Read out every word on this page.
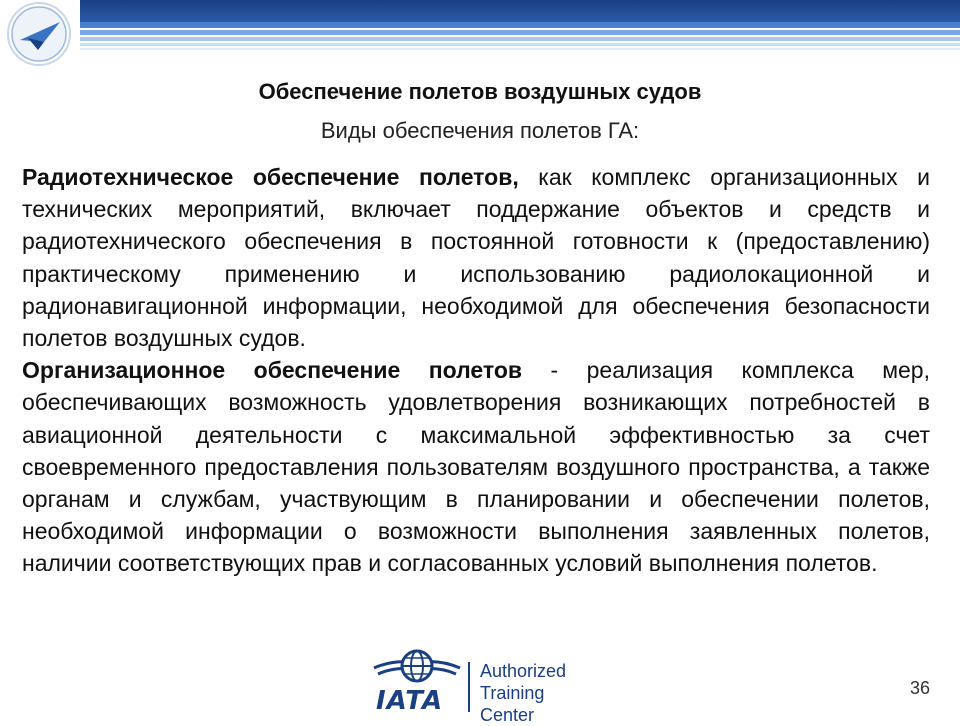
Обеспечение полетов воздушных судов
Виды обеспечения полетов ГА:

Радиотехническое обеспечение полетов, как комплекс организационных и технических мероприятий, включает поддержание объектов и средств и радиотехнического обеспечения в постоянной готовности к (предоставлению) практическому применению и использованию радиолокационной и радионавигационной информации, необходимой для обеспечения безопасности полетов воздушных судов.

Организационное обеспечение полетов - реализация комплекса мер, обеспечивающих возможность удовлетворения возникающих потребностей в авиационной деятельности с максимальной эффективностью за счет своевременного предоставления пользователям воздушного пространства, а также органам и службам, участвующим в планировании и обеспечении полетов, необходимой информации о возможности выполнения заявленных полетов, наличии соответствующих прав и согласованных условий выполнения полетов.

IATA
Authorized
Training Center
36
